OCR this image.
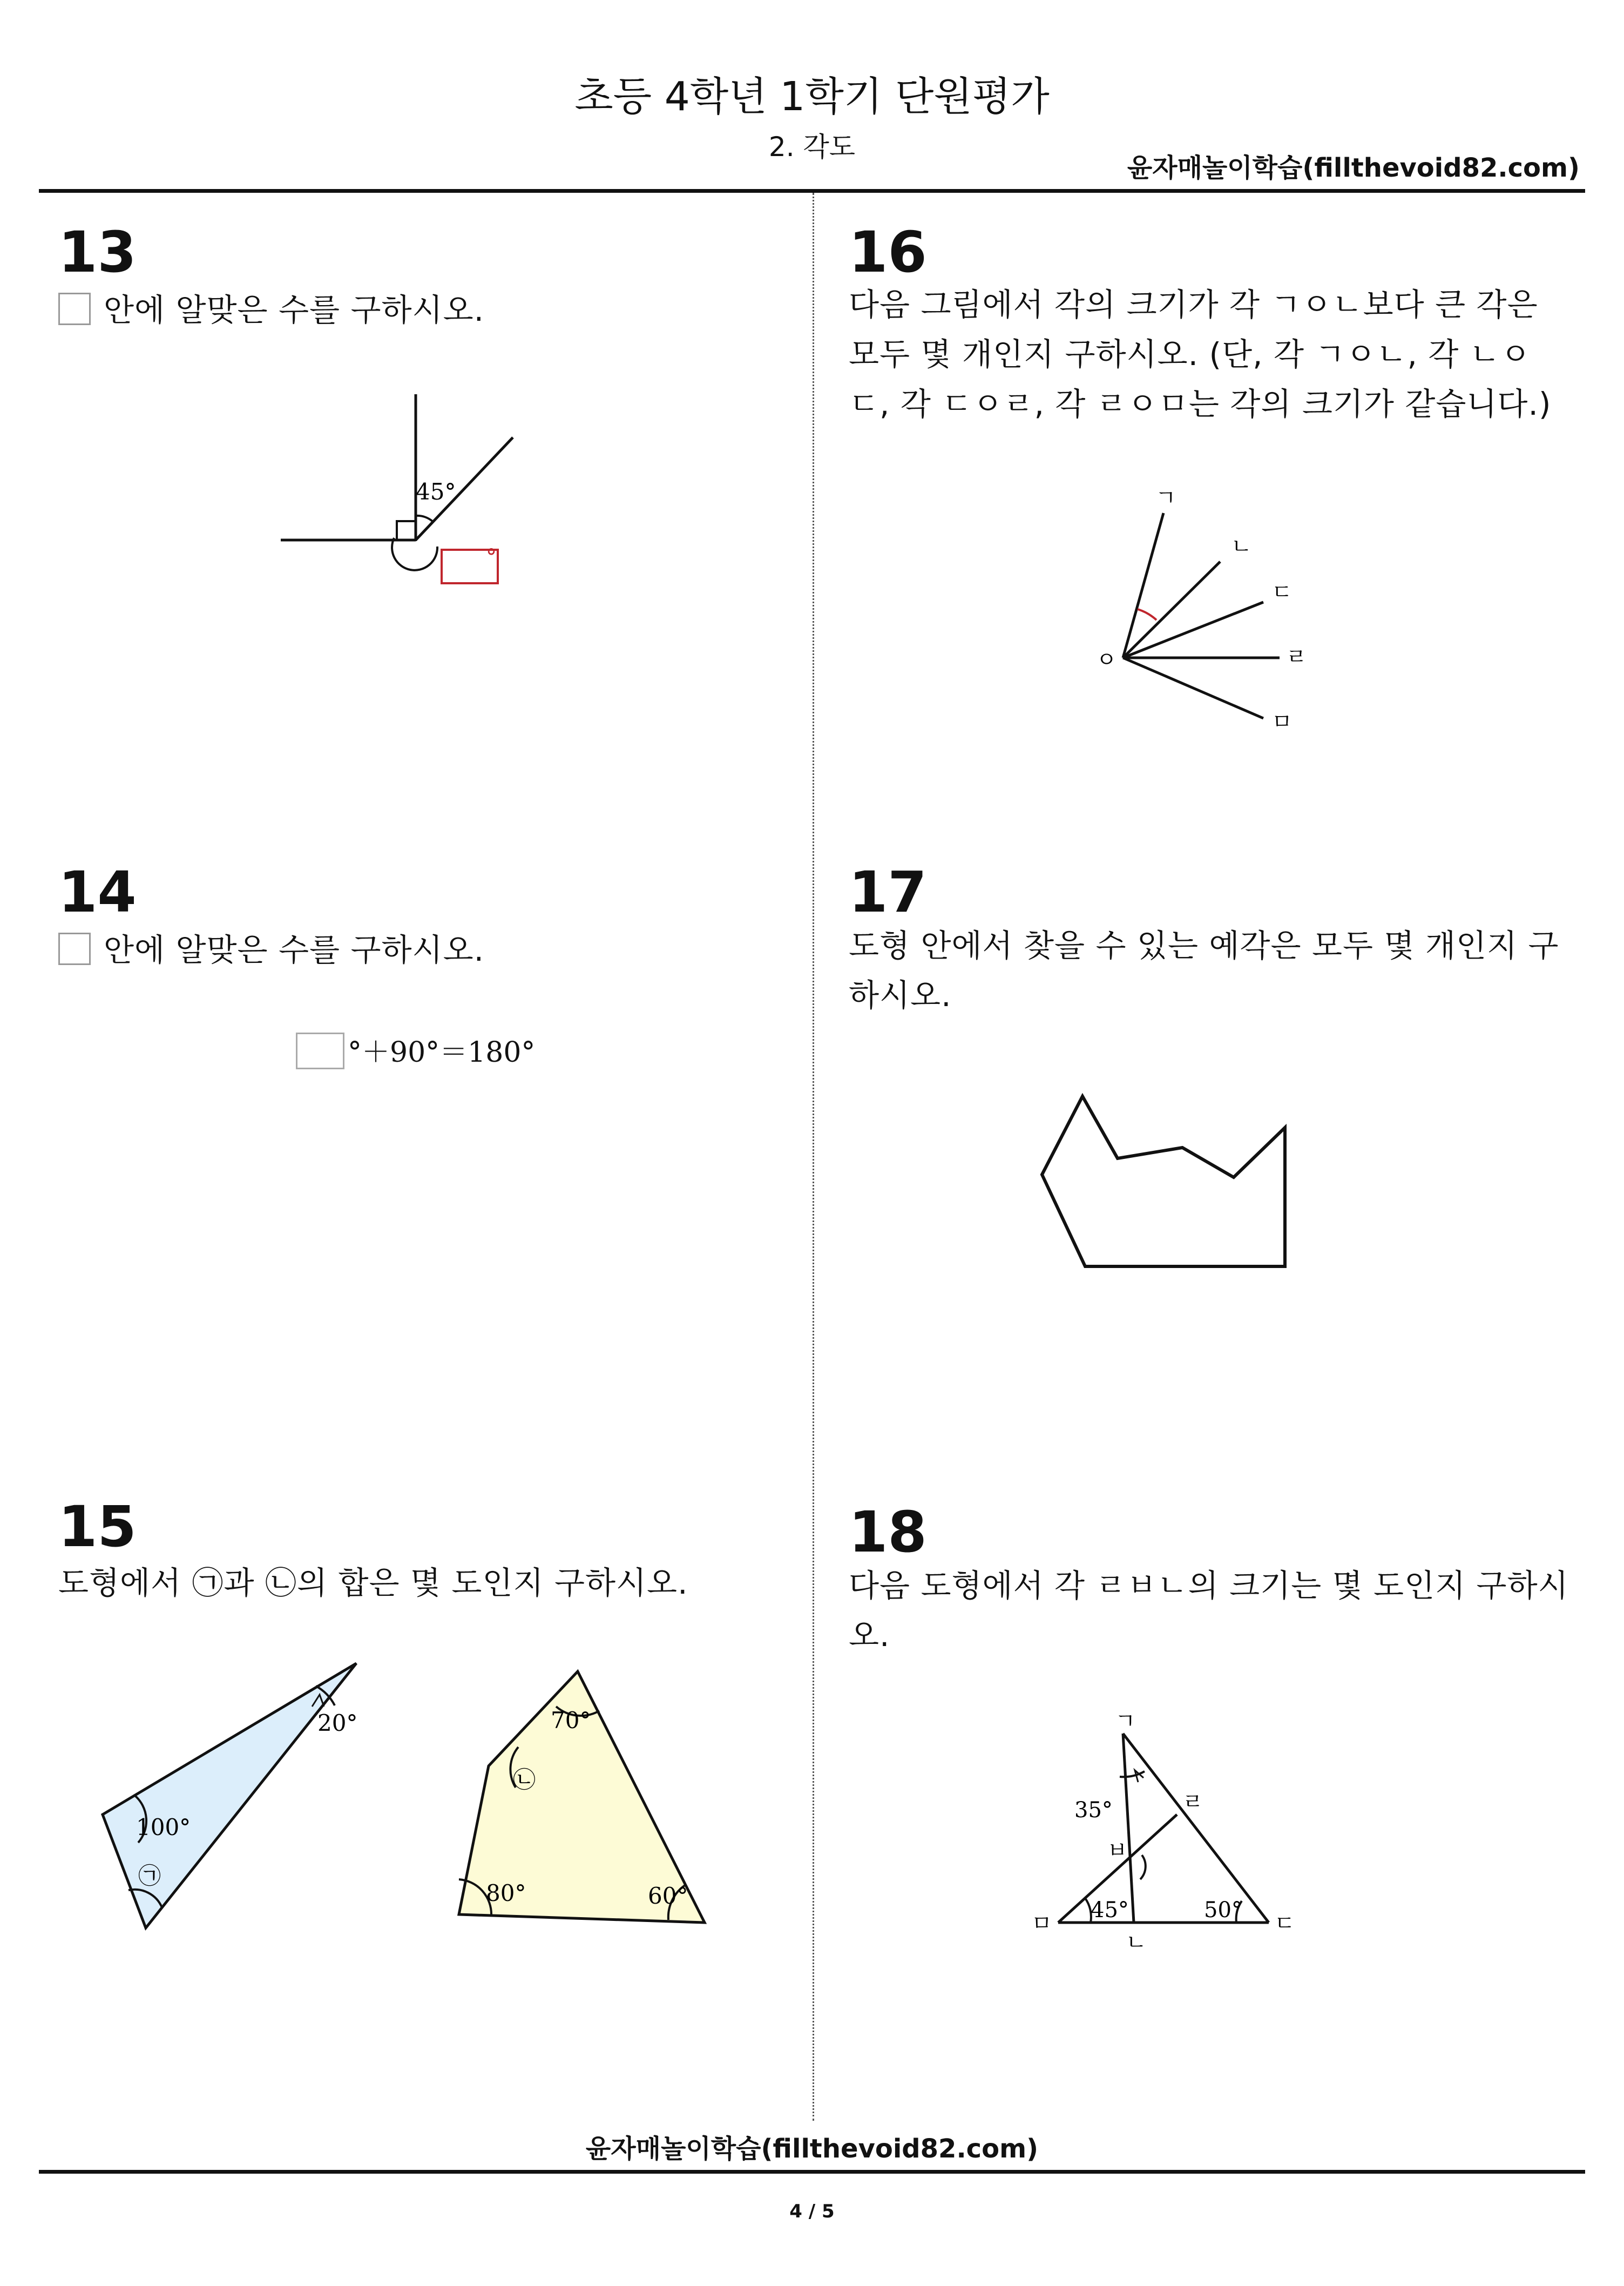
초등 4학년 1학기 단원평가
2. 각도
윤자매놀이학습(fillthevoid82.com)
13
안에 알맞은 수를 구하시오.
45°
°
14
안에 알맞은 수를 구하시오.
°＋90°＝180°
15
도형에서 ㉠과 ㉡의 합은 몇 도인지 구하시오.
20°
100°
㉠
70°
㉡
80°	60°
16
다음 그림에서 각의 크기가 각 ㄱㅇㄴ보다 큰 각은
모두 몇 개인지 구하시오. (단, 각 ㄱㅇㄴ, 각 ㄴㅇ
ㄷ, 각 ㄷㅇㄹ, 각 ㄹㅇㅁ는 각의 크기가 같습니다.)
ㄱ
ㄴ
ㄷ
ㄹ
ㅁ
ㅇ
17
도형 안에서 찾을 수 있는 예각은 모두 몇 개인지 구
하시오.
18
다음 도형에서 각 ㄹㅂㄴ의 크기는 몇 도인지 구하시
오.
ㄱ
ㄹ
ㅂ
ㅁ
ㄴ
ㄷ
35°
45°	50°
윤자매놀이학습(fillthevoid82.com)
4 / 5
